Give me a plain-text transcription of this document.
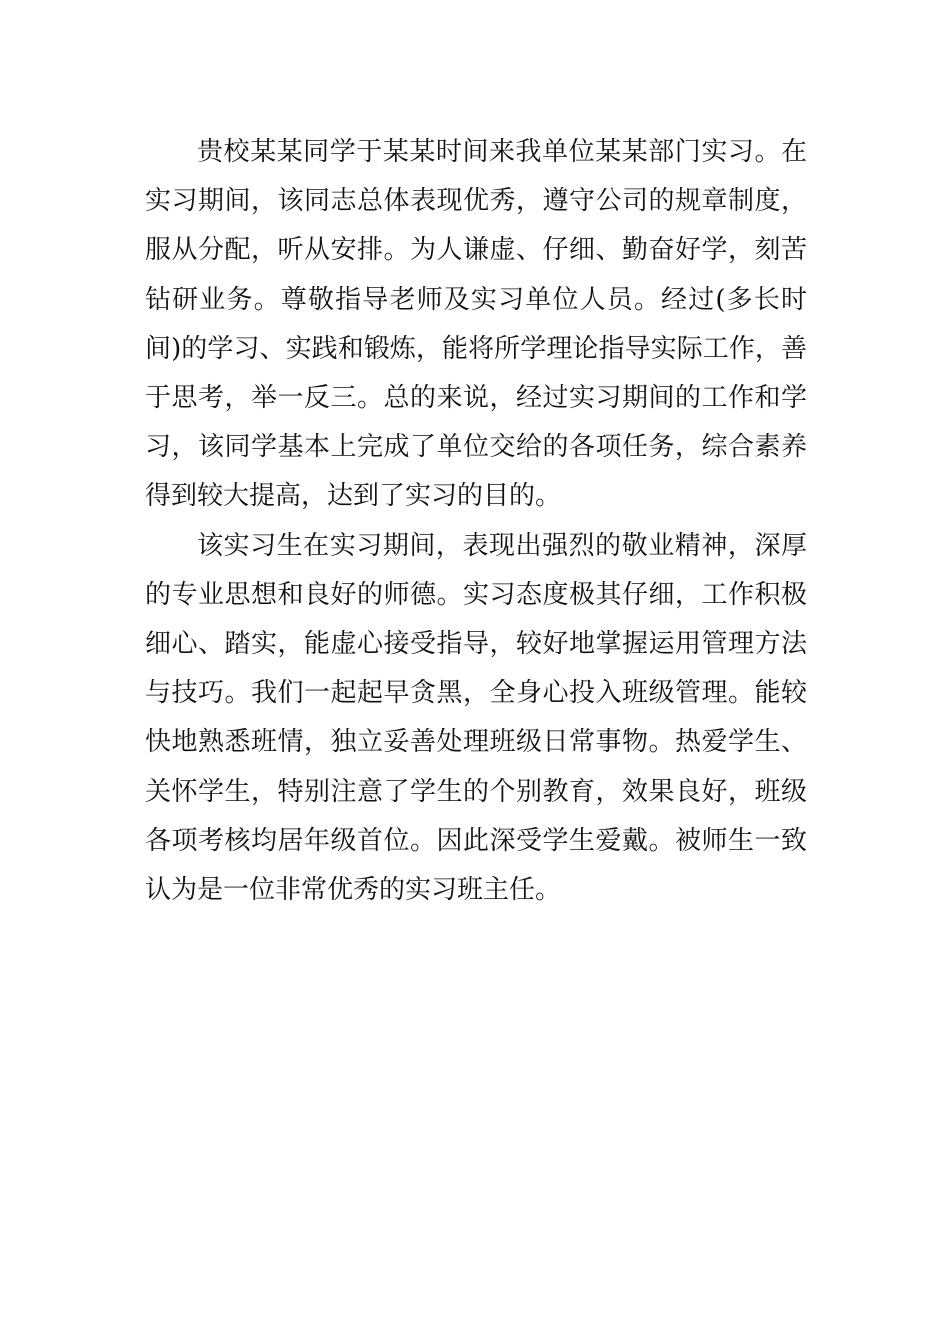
贵校某某同学于某某时间来我单位某某部门实习。在实习期间，该同志总体表现优秀，遵守公司的规章制度，服从分配，听从安排。为人谦虚、仔细、勤奋好学，刻苦钻研业务。尊敬指导老师及实习单位人员。经过(多长时间)的学习、实践和锻炼，能将所学理论指导实际工作，善于思考，举一反三。总的来说，经过实习期间的工作和学习，该同学基本上完成了单位交给的各项任务，综合素养得到较大提高，达到了实习的目的。

该实习生在实习期间，表现出强烈的敬业精神，深厚的专业思想和良好的师德。实习态度极其仔细，工作积极细心、踏实，能虚心接受指导，较好地掌握运用管理方法与技巧。我们一起起早贪黑，全身心投入班级管理。能较快地熟悉班情，独立妥善处理班级日常事物。热爱学生、关怀学生，特别注意了学生的个别教育，效果良好，班级各项考核均居年级首位。因此深受学生爱戴。被师生一致认为是一位非常优秀的实习班主任。
